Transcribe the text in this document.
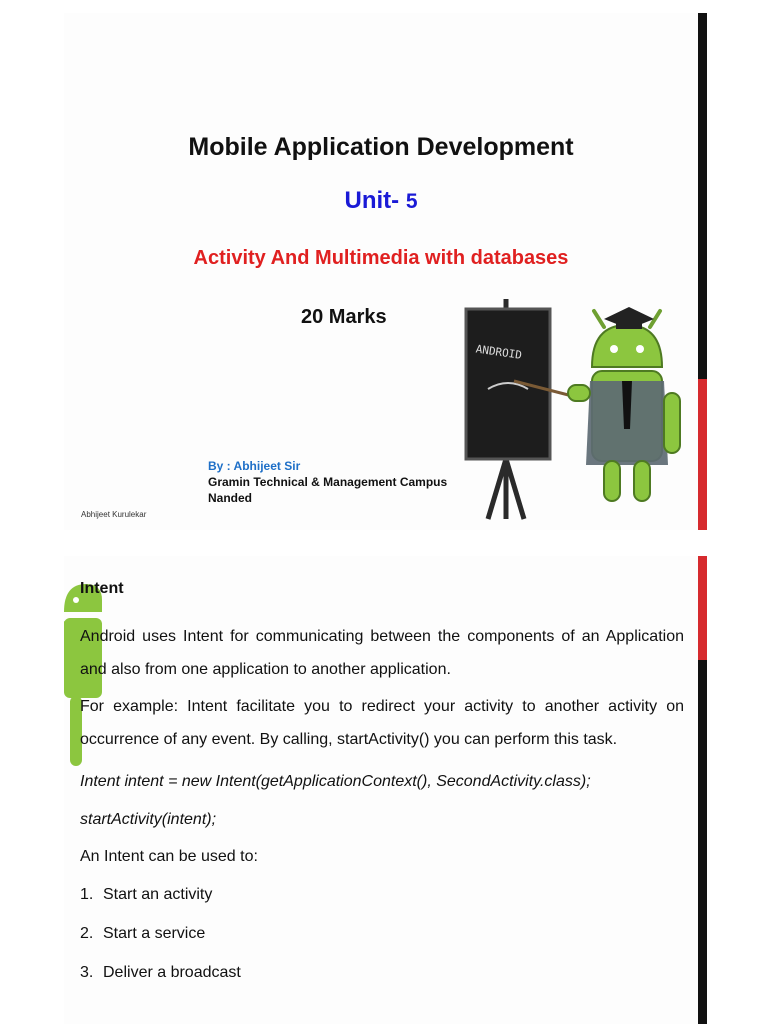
Mobile Application Development
Unit- 5
Activity And Multimedia with databases
20 Marks
ANDROID
By : Abhijeet Sir
Gramin Technical & Management Campus
Nanded
Abhijeet Kurulekar
Intent

Android uses Intent for communicating between the components of an Application and also from one application to another application.

For example: Intent facilitate you to redirect your activity to another activity on occurrence of any event. By calling, startActivity() you can perform this task.

Intent intent = new Intent(getApplicationContext(), SecondActivity.class);
startActivity(intent);
An Intent can be used to:
1. Start an activity
2. Start a service
3. Deliver a broadcast
